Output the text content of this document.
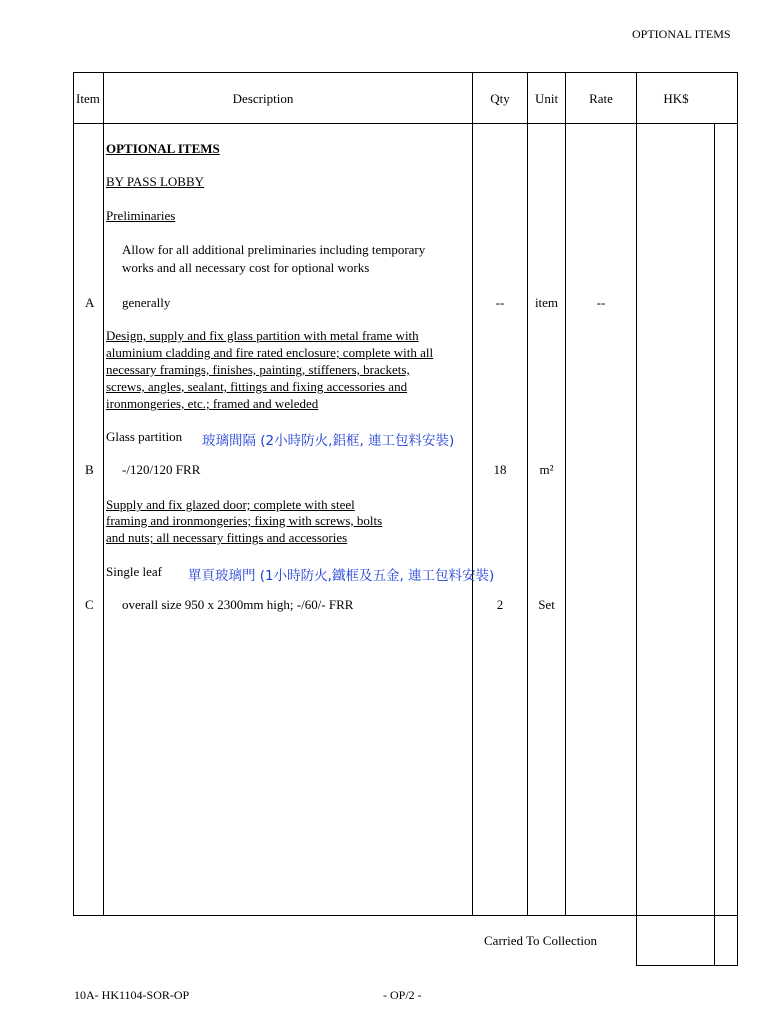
OPTIONAL ITEMS
Item	Description	Qty	Unit	Rate	HK$
OPTIONAL ITEMS
BY PASS LOBBY
Preliminaries
Allow for all additional preliminaries including temporary
works and all necessary cost for optional works
A generally	--	item	--
Design, supply and fix glass partition with metal frame with
aluminium cladding and fire rated enclosure; complete with all
necessary framings, finishes, painting, stiffeners, brackets,
screws, angles, sealant, fittings and fixing accessories and
ironmongeries, etc.; framed and weleded
Glass partition 玻璃間隔 (2小時防火,鋁框, 連工包料安裝)
B -/120/120 FRR	18	m²
Supply and fix glazed door; complete with steel
framing and ironmongeries; fixing with screws, bolts
and nuts; all necessary fittings and accessories
Single leaf 單頁玻璃門 (1小時防火,鐵框及五金, 連工包料安裝)
C overall size 950 x 2300mm high; -/60/- FRR	2	Set
Carried To Collection
10A- HK1104-SOR-OP	- OP/2 -
